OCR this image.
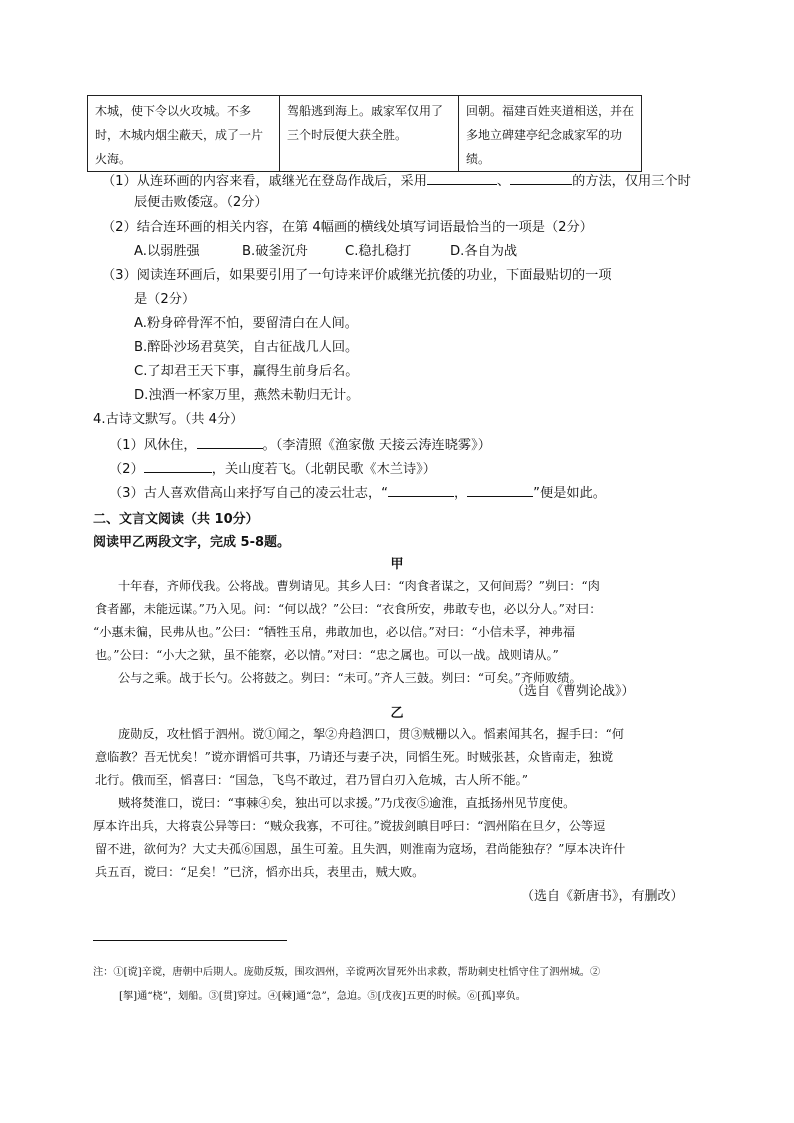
木城，使下令以火攻城。不多时，木城内烟尘蔽天，成了一片火海。	驾船逃到海上。戚家军仅用了三个时辰便大获全胜。	回朝。福建百姓夹道相送，并在多地立碑建亭纪念戚家军的功绩。
（1）从连环画的内容来看，戚继光在登岛作战后，采用	、	的方法，仅用三个时
辰便击败倭寇。（2分）
（2）结合连环画的相关内容，在第 4幅画的横线处填写词语最恰当的一项是（2分）
A.以弱胜强	B.破釜沉舟	C.稳扎稳打	D.各自为战
（3）阅读连环画后，如果要引用了一句诗来评价戚继光抗倭的功业，下面最贴切的一项
是（2分）
A.粉身碎骨浑不怕，要留清白在人间。
B.醉卧沙场君莫笑，自古征战几人回。
C.了却君王天下事，赢得生前身后名。
D.浊酒一杯家万里，燕然未勒归无计。
4.古诗文默写。（共 4分）
（1）风休住，	。（李清照《渔家傲 天接云涛连晓雾》）
（2）	，关山度若飞。（北朝民歌《木兰诗》）
（3）古人喜欢借高山来抒写自己的凌云壮志，“	，	”便是如此。
二、文言文阅读（共 10分）
阅读甲乙两段文字，完成 5-8题。
甲
十年春，齐师伐我。公将战。曹刿请见。其乡人曰：“肉食者谋之，又何间焉？”刿曰：“肉
食者鄙，未能远谋。”乃入见。问：“何以战？”公曰：“衣食所安，弗敢专也，必以分人。”对曰：
“小惠未徧，民弗从也。”公曰：“牺牲玉帛，弗敢加也，必以信。”对曰：“小信未孚，神弗福
也。”公曰：“小大之狱，虽不能察，必以情。”对曰：“忠之属也。可以一战。战则请从。”
公与之乘。战于长勺。公将鼓之。刿曰：“未可。”齐人三鼓。刿曰：“可矣。”齐师败绩。
（选自《曹刿论战》）
乙
庞勋反，攻杜慆于泗州。谠①闻之，挐②舟趋泗口，贯③贼栅以入。慆素闻其名，握手曰：“何
意临教？吾无忧矣！”谠亦谓慆可共事，乃请还与妻子决，同慆生死。时贼张甚，众皆南走，独谠
北行。俄而至，慆喜曰：“国急，飞鸟不敢过，君乃冒白刃入危城，古人所不能。”
贼将焚淮口，谠曰：“事棘④矣，独出可以求援。”乃戊夜⑤逾淮，直抵扬州见节度使。
厚本许出兵，大将袁公异等曰：“贼众我寡，不可往。”谠拔剑瞋目呼曰：“泗州陷在旦夕，公等逗
留不进，欲何为？大丈夫孤⑥国恩，虽生可羞。且失泗，则淮南为寇场，君尚能独存？”厚本决许什
兵五百，谠曰：“足矣！”已济，慆亦出兵，表里击，贼大败。
（选自《新唐书》，有删改）
注：①[谠]辛谠，唐朝中后期人。庞勋反叛，围攻泗州，辛谠两次冒死外出求救，帮助刺史杜慆守住了泗州城。②
[挐]通“桡”，划船。③[贯]穿过。④[棘]通“急”，急迫。⑤[戊夜]五更的时候。⑥[孤]辜负。
